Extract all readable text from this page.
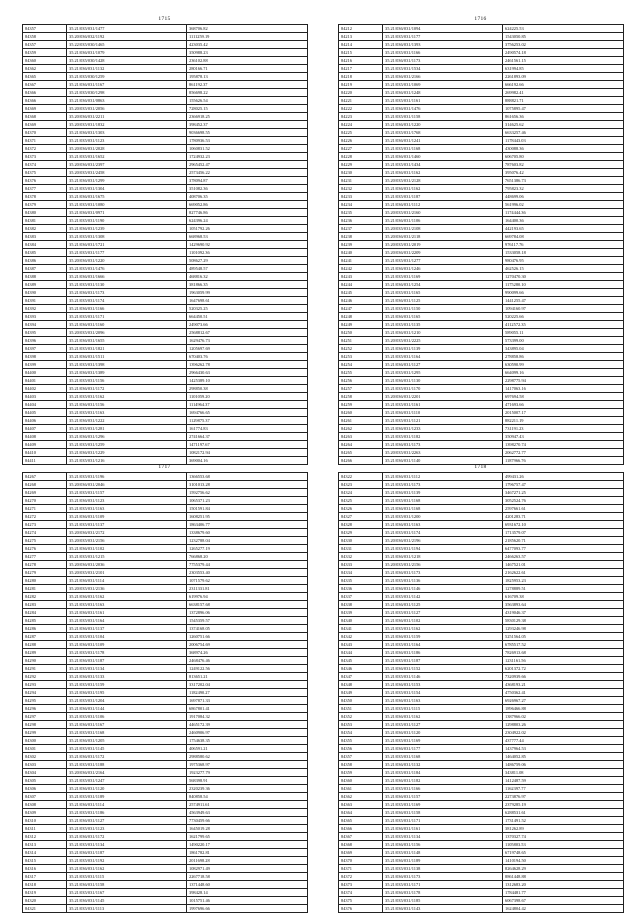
1715
84357	35.21/035/031/1477	368706.82
84358	35.20/036/032/1192	1111259.19
84357	35.22/035/030/1465	423035.42
84359	35.21/036/031/1079	350988.23
84360	35.21/035/030/1428	236102.88
84362	35.21/036/031/1132	280166.71
84365	35.21/035/030/1259	195878.13
84367	35.21/036/031/1167	861192.37
84366	35.21/035/030/1298	856698.22
84366	35.21/036/031/0863	155626.54
84369	35.20/035/031/2056	728025.15
84368	35.20/036/031/2211	2366918.25
84369	35.20/035/031/1832	398452.37
84370	35.21/036/031/1303	9036698.55
84371	35.21/035/031/1123	1780936.53
84372	35.20/036/031/2028	1060831.52
84373	35.21/035/031/1652	1724932.23
84374	35.20/036/031/2397	2965452.47
84375	35.20/035/031/2458	2573456.22
84376	35.21/036/031/1299	378094.87
84377	35.21/035/031/1304	351082.36
84378	35.21/036/031/1675	408706.35
84379	35.21/035/031/1080	669052.86
84380	35.21/036/031/0971	827746.86
84381	35.21/035/031/1190	624396.24
84382	35.21/036/031/1239	1051792.26
84383	35.21/035/031/1308	668968.53
84384	35.21/036/031/1721	1429690.92
84385	35.21/035/031/1177	1101092.36
84386	35.20/036/031/1220	508627.29
84387	35.21/035/031/1476	489548.57
84388	35.21/036/031/1666	468816.32
84389	35.21/035/031/1130	381866.35
84390	35.21/036/031/1173	1963059.99
84391	35.21/035/031/1174	1647698.61
84392	35.21/036/031/1166	520325.25
84393	35.21/035/031/1171	664450.51
84394	35.21/036/031/1160	249073.66
84395	35.20/035/031/2096	2568812.67
84396	35.21/036/031/1655	1629476.73
84397	35.21/035/031/1821	1205697.69
84398	35.21/036/031/1511	670403.76
84399	35.21/035/031/1398	1396262.78
84400	35.21/036/031/1389	2966430.63
84401	35.21/035/031/1156	1425389.10
84402	35.21/036/031/1172	298850.38
84403	35.21/035/031/1162	1101059.20
84404	35.21/036/031/1156	1114964.37
84405	35.21/035/031/1163	1694766.65
84406	35.21/036/031/1222	1129875.37
84407	35.21/035/031/1281	161774.83
84408	35.21/036/031/1296	2741664.37
84409	35.21/035/031/1259	1471197.67
84410	35.21/036/031/1229	1082172.94
84411	35.21/035/031/1216	369004.16
1716
84212	35.21/036/031/1094	624225.53
84213	35.21/035/031/1177	1543050.85
84214	35.21/036/031/1393	3756253.02
84215	35.21/035/031/1166	2490574.18
84216	35.21/036/031/1173	2461561.15
84217	35.21/035/031/1534	631994.85
84218	35.21/036/031/2166	2261893.09
84219	35.21/035/031/1069	666192.66
84220	35.21/036/031/1248	269982.41
84221	35.21/035/031/1161	888821.71
84222	35.21/036/031/1476	1075895.47
84223	35.21/035/031/1158	861656.36
84224	35.21/036/031/1220	314625.62
84225	35.21/035/031/1768	6633257.46
84226	35.21/036/031/1241	1178443.03
84227	35.21/035/031/1168	430088.36
84228	35.21/036/031/1460	606705.80
84229	35.21/035/031/1434	787603.82
84230	35.21/036/031/1162	395076.42
84231	35.20/035/031/2128	7651386.73
84232	35.21/036/031/1162	795823.32
84233	35.21/035/031/1187	448699.06
84234	35.21/036/031/1112	561996.02
84235	35.20/035/031/2160	1174444.36
84236	35.21/036/031/1106	164400.36
84237	35.20/035/031/2108	442193.65
84238	35.20/036/031/2118	669784.08
84239	35.20/035/031/2019	976117.76
84240	35.20/036/031/2209	1533058.18
84241	35.21/035/031/1277	980476.95
84242	35.21/036/031/1246	462526.15
84243	35.21/035/031/1169	1270470.30
84244	35.21/036/031/1254	1175280.10
84245	35.21/035/031/1165	990099.66
84246	35.21/036/031/1125	1441255.47
84247	35.21/035/031/1150	1094160.97
84248	35.21/036/031/1165	520225.66
84249	35.21/035/031/1135	4112572.35
84250	35.21/036/031/1210	589055.11
84251	35.20/035/031/2225	573399.00
84252	35.21/036/031/1139	343895.04
84253	35.21/035/031/1164	278858.86
84254	35.21/036/031/1127	630590.99
84255	35.21/035/031/1295	664099.16
84256	35.21/036/031/1130	2298775.94
84257	35.21/035/031/1170	1417063.16
84258	35.20/036/031/2201	697694.58
84259	35.21/035/031/1161	471693.66
84260	35.21/036/031/1110	2015007.17
84261	35.21/035/031/1121	882211.19
84262	35.21/036/031/1233	731191.23
84263	35.21/035/031/1182	350947.43
84264	35.21/036/031/1173	1398270.74
84265	35.20/035/031/2263	2062772.77
84266	35.21/036/031/1140	1187966.76
1717
84267	35.21/035/031/1196	1366553.68
84268	35.20/036/031/2046	3101013.28
84269	35.21/035/031/1157	1592756.62
84270	35.21/036/031/1123	1065371.23
84271	35.21/035/031/1163	1501591.84
84272	35.21/036/031/1109	1608251.95
84273	35.21/035/031/1137	1863406.77
84274	35.20/036/031/2172	1338679.60
84275	35.20/035/031/2156	1232788.04
84276	35.21/036/031/1102	1265277.19
84277	35.21/035/031/1215	766868.20
84278	35.20/036/031/2036	7755379.44
84279	35.20/035/031/2101	2303553.40
84280	35.21/036/031/1114	1071579.62
84281	35.20/035/031/2136	2311331.81
84282	35.21/036/031/1162	619976.94
84283	35.21/035/031/1163	6638157.68
84284	35.21/036/031/1161	1372896.06
84285	35.21/035/031/1164	1545359.57
84286	35.21/036/031/1137	1374168.05
84287	35.21/035/031/1104	1260751.66
84288	35.21/036/031/1109	2006754.69
84289	35.21/035/031/1178	368974.26
84290	35.21/036/031/1187	2468476.46
84291	35.21/035/031/1134	1249122.56
84292	35.21/036/031/1133	813651.21
84293	35.21/035/031/1159	3317202.04
84294	35.21/036/031/1195	1182490.27
84295	35.21/035/031/1204	1697871.33
84296	35.21/036/031/1144	6867801.41
84297	35.21/035/031/1106	1917084.32
84298	35.21/036/031/1167	4465172.39
84299	35.21/035/031/1168	2460906.97
84300	35.21/036/031/1205	1754638.35
84301	35.21/035/031/1145	406591.21
84302	35.21/036/031/1172	2988580.62
84303	35.21/035/031/1188	1975368.97
84304	35.20/036/031/2164	1923277.79
84305	35.21/035/031/1247	568398.91
84306	35.21/036/031/1120	2320239.36
84307	35.21/035/031/1189	840858.54
84308	35.21/036/031/1114	2574911.61
84309	35.21/035/031/1186	4563949.63
84310	35.21/036/031/1127	7730459.66
84311	35.21/035/031/1123	1645019.28
84312	35.21/036/031/1172	1621799.65
84313	35.21/035/031/1134	1490220.17
84314	35.21/036/031/1187	1861782.81
84315	35.21/035/031/1192	2011698.28
84316	35.21/036/031/1162	1082971.49
84317	35.21/035/031/1115	2267718.58
84318	35.21/036/031/1158	1371448.60
84319	35.21/035/031/1167	398428.14
84320	35.21/036/031/1145	1015751.46
84321	35.21/035/031/1113	1997696.66
1718
84322	35.21/036/031/1112	499431.26
84323	35.21/035/031/1173	1796757.47
84324	35.21/036/031/1139	3467271.25
84325	35.21/035/031/1168	3052524.76
84326	35.21/036/031/1168	2597661.61
84327	35.21/035/031/1200	4201283.71
84328	35.21/036/031/1163	6931672.10
84329	35.21/035/031/1174	1713579.07
84330	35.20/036/031/2196	2185620.71
84331	35.21/035/031/1194	6477093.77
84332	35.21/036/031/1218	2466263.57
84333	35.20/035/031/2156	1467521.01
84334	35.21/036/031/1173	2162622.61
84335	35.21/035/031/1136	1825953.23
84336	35.21/036/031/1146	1278889.51
84337	35.21/035/031/1142	616709.38
84338	35.21/036/031/1125	3563893.64
84339	35.21/035/031/1127	4319046.37
84340	35.21/036/031/1102	5830129.38
84341	35.21/035/031/1162	1293246.98
84342	35.21/036/031/1159	5251564.05
84343	35.21/035/031/1164	6785517.52
84344	35.21/036/031/1186	7826913.68
84345	35.21/035/031/1187	1231161.56
84346	35.21/036/031/1152	6201372.72
84347	35.21/035/031/1146	7320939.66
84348	35.21/036/031/1153	4368193.21
84349	35.21/035/031/1154	4750362.41
84350	35.21/036/031/1163	6926967.27
84351	35.21/035/031/1115	1896466.88
84352	35.21/036/031/1162	1387966.02
84353	35.21/035/031/1127	1298803.26
84354	35.21/036/031/1120	2304922.02
84355	35.21/035/031/1169	437777.44
84356	35.21/036/031/1177	1437964.53
84357	35.21/035/031/1168	1464052.85
84358	35.21/036/031/1132	1486759.06
84359	35.21/035/031/1184	343811.08
84360	35.21/036/031/1182	1412487.59
84361	35.21/035/031/1166	1162397.77
84362	35.21/036/031/1157	2273876.97
84363	35.21/035/031/1169	2379285.19
84364	35.21/036/031/1158	6288531.61
84365	35.21/035/031/1171	1731491.52
84366	35.21/036/031/1161	381262.89
84367	35.21/035/031/1134	1370327.74
84368	35.21/036/031/1156	1105803.53
84369	35.21/035/031/1148	6719748.65
84370	35.21/036/031/1189	1410194.50
84371	35.21/035/031/1138	8264628.29
84372	35.21/036/031/1173	8861448.88
84373	35.21/035/031/1171	1312683.20
84374	35.21/036/031/1178	1784481.77
84375	35.21/035/031/1185	6067398.67
84376	35.21/036/031/1143	1624804.42
